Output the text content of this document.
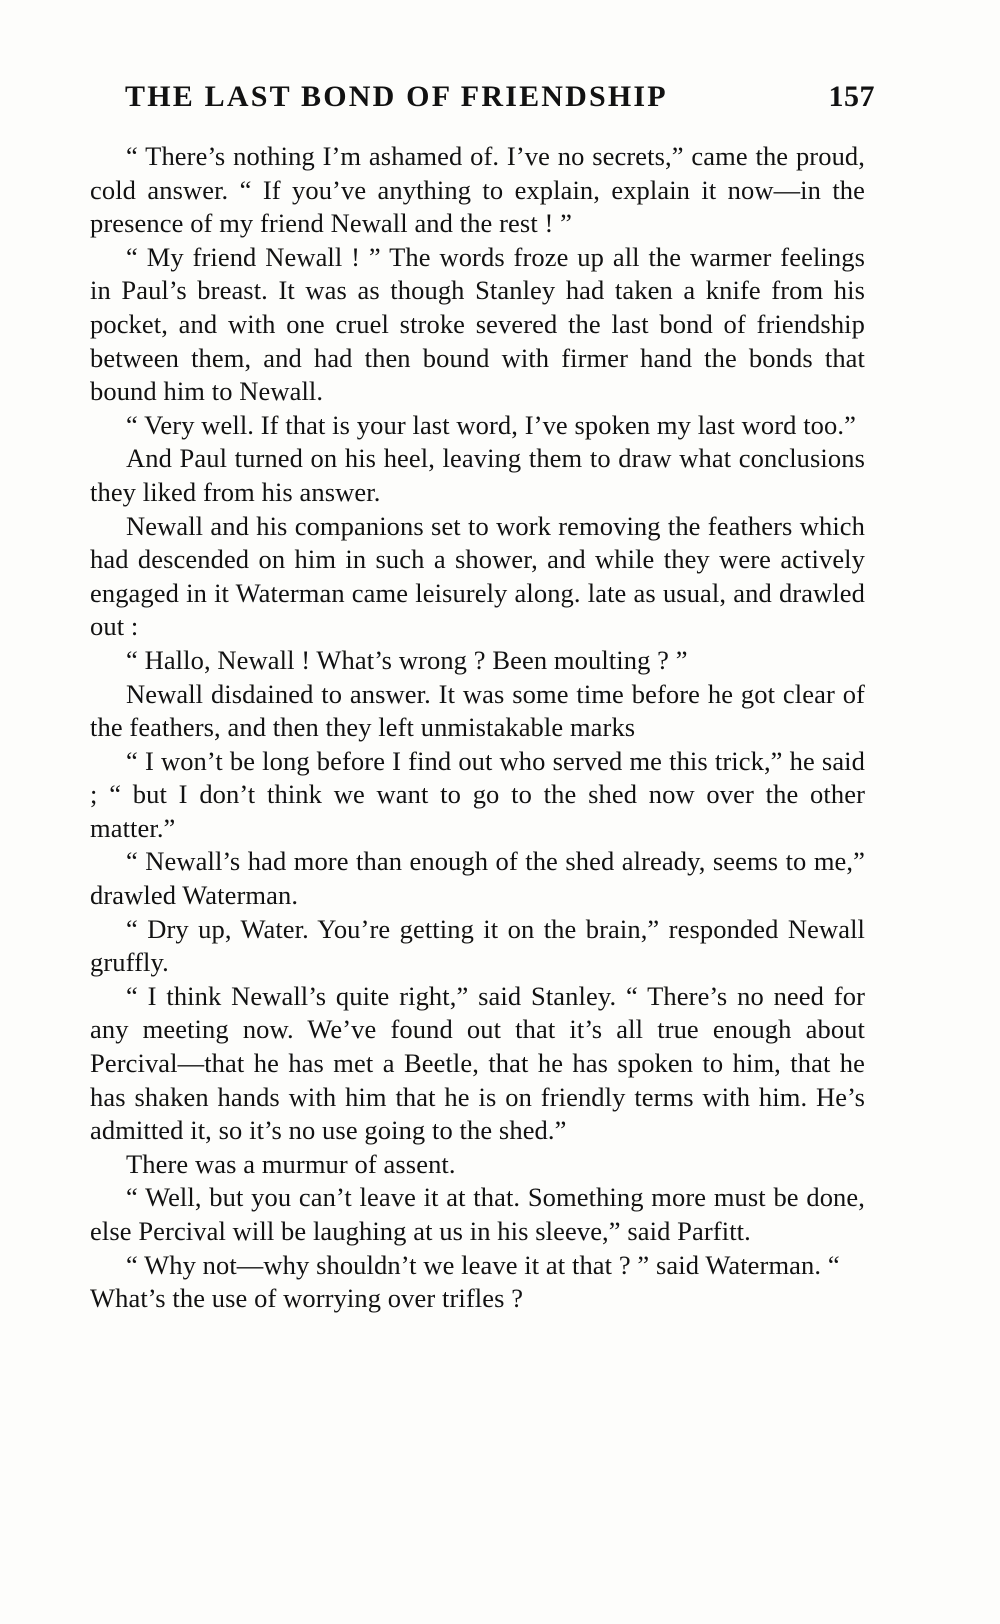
THE LAST BOND OF FRIENDSHIP	157

“ There’s nothing I’m ashamed of. I’ve no secrets,” came the proud, cold answer. “ If you’ve anything to explain, explain it now—in the presence of my friend Newall and the rest ! ”

“ My friend Newall ! ” The words froze up all the warmer feelings in Paul’s breast. It was as though Stanley had taken a knife from his pocket, and with one cruel stroke severed the last bond of friendship between them, and had then bound with firmer hand the bonds that bound him to Newall.

“ Very well. If that is your last word, I’ve spoken my last word too.”

And Paul turned on his heel, leaving them to draw what conclusions they liked from his answer.

Newall and his companions set to work removing the feathers which had descended on him in such a shower, and while they were actively engaged in it Waterman came leisurely along. late as usual, and drawled out :

“ Hallo, Newall ! What’s wrong ? Been moulting ? ”

Newall disdained to answer. It was some time before he got clear of the feathers, and then they left unmistakable marks

“ I won’t be long before I find out who served me this trick,” he said ; “ but I don’t think we want to go to the shed now over the other matter.”

“ Newall’s had more than enough of the shed already, seems to me,” drawled Waterman.

“ Dry up, Water. You’re getting it on the brain,” responded Newall gruffly.

“ I think Newall’s quite right,” said Stanley. “ There’s no need for any meeting now. We’ve found out that it’s all true enough about Percival—that he has met a Beetle, that he has spoken to him, that he has shaken hands with him that he is on friendly terms with him. He’s admitted it, so it’s no use going to the shed.”

There was a murmur of assent.

“ Well, but you can’t leave it at that. Something more must be done, else Percival will be laughing at us in his sleeve,” said Parfitt.

“ Why not—why shouldn’t we leave it at that ? ” said Waterman. “ What’s the use of worrying over trifles ?
